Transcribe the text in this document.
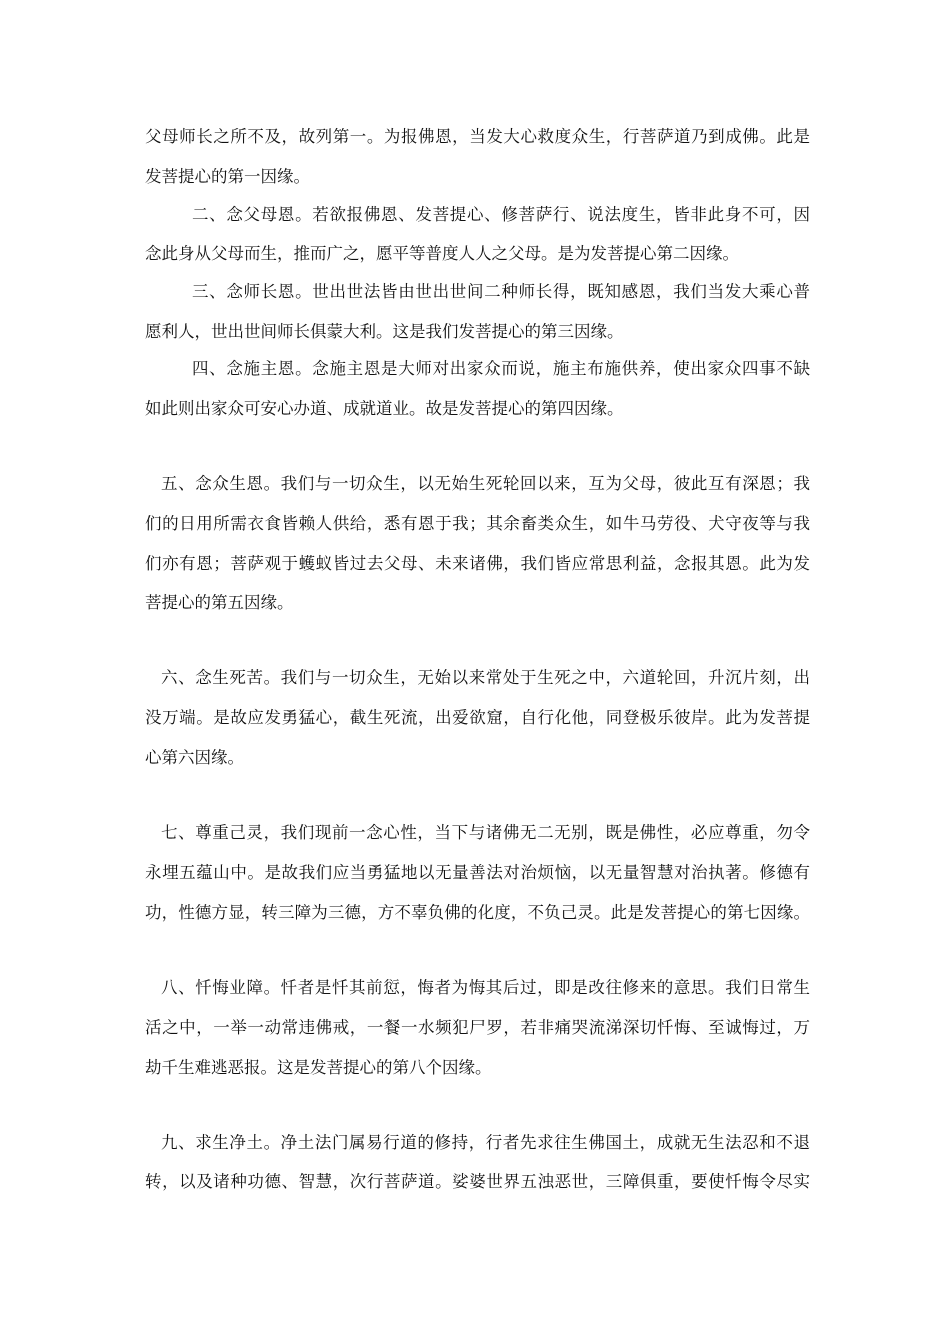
父母师长之所不及，故列第一。为报佛恩，当发大心救度众生，行菩萨道乃到成佛。此是
发菩提心的第一因缘。
二、念父母恩。若欲报佛恩、发菩提心、修菩萨行、说法度生，皆非此身不可，因
念此身从父母而生，推而广之，愿平等普度人人之父母。是为发菩提心第二因缘。
三、念师长恩。世出世法皆由世出世间二种师长得，既知感恩，我们当发大乘心普
愿利人，世出世间师长俱蒙大利。这是我们发菩提心的第三因缘。
四、念施主恩。念施主恩是大师对出家众而说，施主布施供养，使出家众四事不缺
如此则出家众可安心办道、成就道业。故是发菩提心的第四因缘。
五、念众生恩。我们与一切众生，以无始生死轮回以来，互为父母，彼此互有深恩；我
们的日用所需衣食皆赖人供给，悉有恩于我；其余畜类众生，如牛马劳役、犬守夜等与我
们亦有恩；菩萨观于蠖蚁皆过去父母、未来诸佛，我们皆应常思利益，念报其恩。此为发
菩提心的第五因缘。
六、念生死苦。我们与一切众生，无始以来常处于生死之中，六道轮回，升沉片刻，出
没万端。是故应发勇猛心，截生死流，出爱欲窟，自行化他，同登极乐彼岸。此为发菩提
心第六因缘。
七、尊重己灵，我们现前一念心性，当下与诸佛无二无别，既是佛性，必应尊重，勿令
永埋五蕴山中。是故我们应当勇猛地以无量善法对治烦恼，以无量智慧对治执著。修德有
功，性德方显，转三障为三德，方不辜负佛的化度，不负己灵。此是发菩提心的第七因缘。
八、忏悔业障。忏者是忏其前愆，悔者为悔其后过，即是改往修来的意思。我们日常生
活之中，一举一动常违佛戒，一餐一水频犯尸罗，若非痛哭流涕深切忏悔、至诚悔过，万
劫千生难逃恶报。这是发菩提心的第八个因缘。
九、求生净土。净土法门属易行道的修持，行者先求往生佛国土，成就无生法忍和不退
转，以及诸种功德、智慧，次行菩萨道。娑婆世界五浊恶世，三障俱重，要使忏悔令尽实
